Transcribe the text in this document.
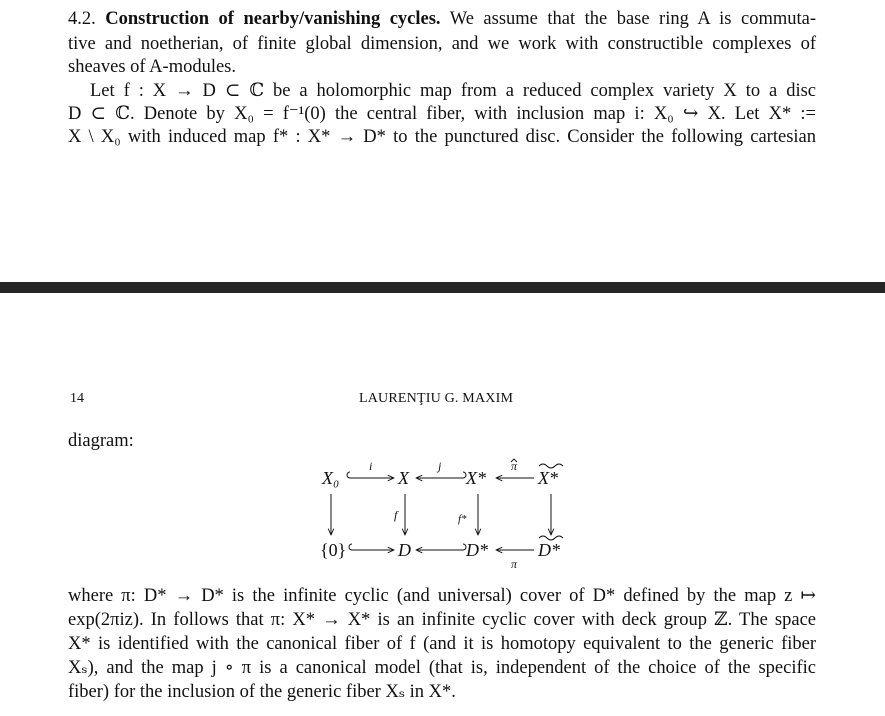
4.2. Construction of nearby/vanishing cycles. We assume that the base ring A is commuta-
tive and noetherian, of finite global dimension, and we work with constructible complexes of
sheaves of A-modules.
Let f : X → D ⊂ ℂ be a holomorphic map from a reduced complex variety X to a disc
D ⊂ ℂ. Denote by X₀ = f⁻¹(0) the central fiber, with inclusion map i: X₀ ↪ X. Let X* :=
X \ X₀ with induced map f* : X* → D* to the punctured disc. Consider the following cartesian
14	LAURENŢIU G. MAXIM
diagram:
X₀	X	X*	X*
{0}	D	D*	D*
i	j	π
f	f*
π
where π: D* → D* is the infinite cyclic (and universal) cover of D* defined by the map z ↦
exp(2πiz). In follows that π: X* → X* is an infinite cyclic cover with deck group ℤ. The space
X* is identified with the canonical fiber of f (and it is homotopy equivalent to the generic fiber
Xₛ), and the map j ∘ π is a canonical model (that is, independent of the choice of the specific
fiber) for the inclusion of the generic fiber Xₛ in X*.
